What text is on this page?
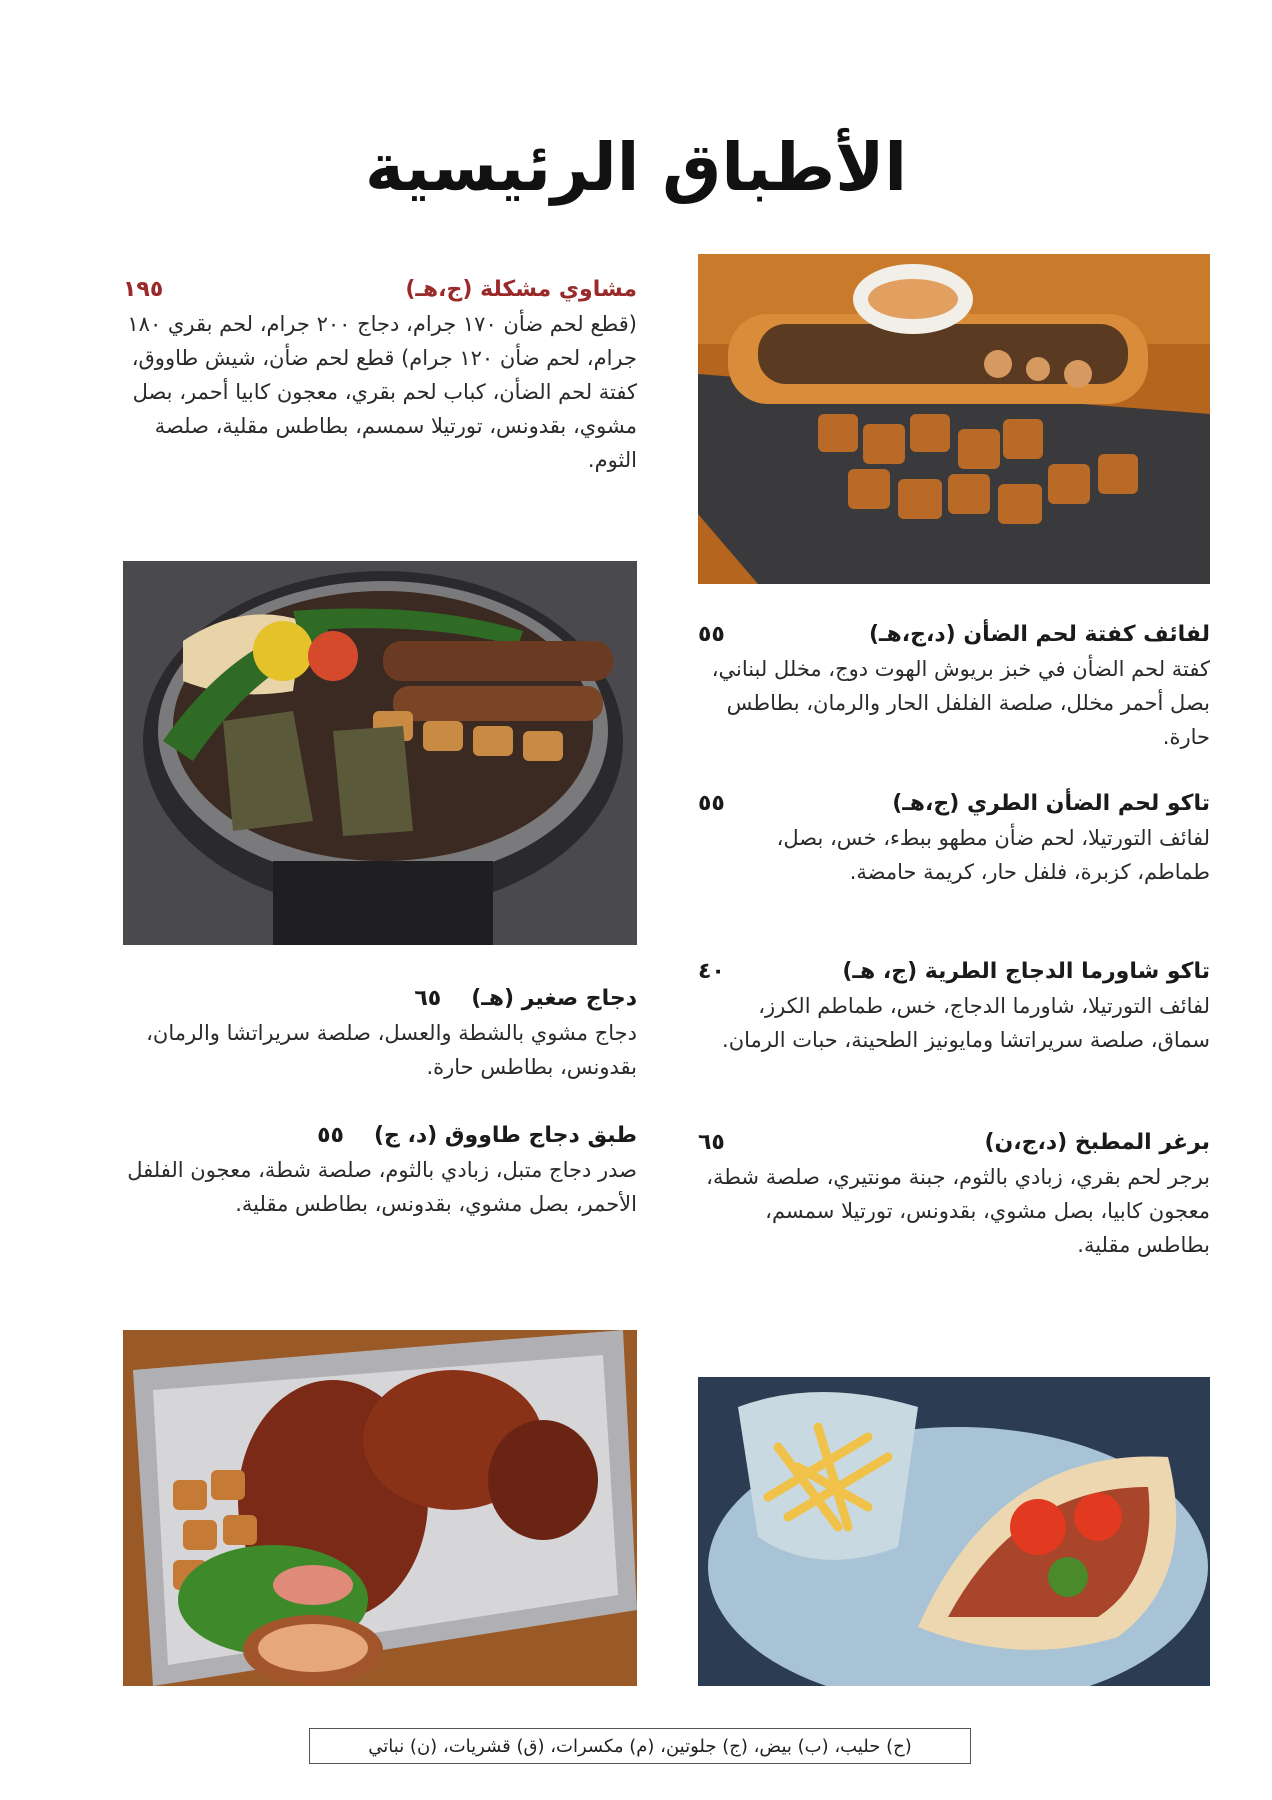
الأطباق الرئيسية
مشاوي مشكلة (ج،هـ)
١٩٥
(قطع لحم ضأن ١٧٠ جرام، دجاج ٢٠٠ جرام، لحم بقري ١٨٠ جرام، لحم ضأن ١٢٠ جرام) قطع لحم ضأن، شيش طاووق، كفتة لحم الضأن، كباب لحم بقري، معجون كابيا أحمر، بصل مشوي، بقدونس، تورتيلا سمسم، بطاطس مقلية، صلصة الثوم.
لفائف كفتة لحم الضأن (د،ج،هـ)
٥٥
كفتة لحم الضأن في خبز بريوش الهوت دوج، مخلل لبناني، بصل أحمر مخلل، صلصة الفلفل الحار والرمان، بطاطس حارة.
تاكو لحم الضأن الطري (ج،هـ)
٥٥
لفائف التورتيلا، لحم ضأن مطهو ببطء، خس، بصل، طماطم، كزبرة، فلفل حار، كريمة حامضة.
دجاج صغير (هـ)
٦٥
دجاج مشوي بالشطة والعسل، صلصة سريراتشا والرمان، بقدونس، بطاطس حارة.
تاكو شاورما الدجاج الطرية (ج، هـ)
٤٠
لفائف التورتيلا، شاورما الدجاج، خس، طماطم الكرز، سماق، صلصة سريراتشا ومايونيز الطحينة، حبات الرمان.
طبق دجاج طاووق (د، ج)
٥٥
صدر دجاج متبل، زبادي بالثوم، صلصة شطة، معجون الفلفل الأحمر، بصل مشوي، بقدونس، بطاطس مقلية.
برغر المطبخ (د،ج،ن)
٦٥
برجر لحم بقري، زبادي بالثوم، جبنة مونتيري، صلصة شطة، معجون كابيا، بصل مشوي، بقدونس، تورتيلا سمسم، بطاطس مقلية.
(ح) حليب، (ب) بيض، (ج) جلوتين، (م) مكسرات، (ق) قشريات، (ن) نباتي
